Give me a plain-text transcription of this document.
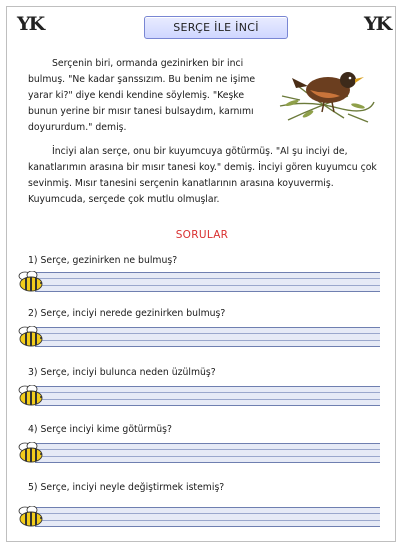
YK	YK
SERÇE İLE İNCİ

Serçenin biri, ormanda gezinirken bir inci bulmuş. "Ne kadar şanssızım. Bu benim ne işime yarar ki?" diye kendi kendine söylemiş. "Keşke bunun yerine bir mısır tanesi bulsaydım, karnımı doyururdum." demiş.

İnciyi alan serçe, onu bir kuyumcuya götürmüş. "Al şu inciyi de, kanatlarımın arasına bir mısır tanesi koy." demiş. İnciyi gören kuyumcu çok sevinmiş. Mısır tanesini serçenin kanatlarının arasına koyuvermiş. Kuyumcuda, serçede çok mutlu olmuşlar.

SORULAR
1) Serçe, gezinirken ne bulmuş?
2) Serçe, inciyi nerede gezinirken bulmuş?
3) Serçe, inciyi bulunca neden üzülmüş?
4) Serçe inciyi kime götürmüş?
5) Serçe, inciyi neyle değiştirmek istemiş?
